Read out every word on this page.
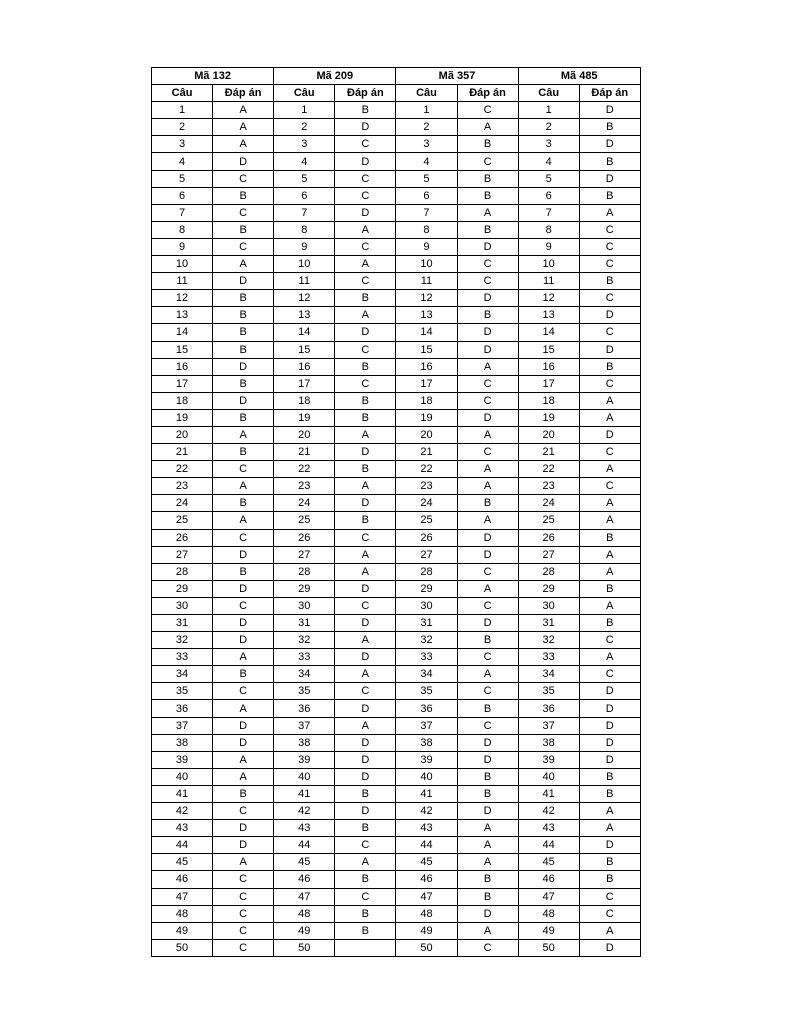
Mã 132		Mã 209		Mã 357		Mã 485	
Câu	Đáp án	Câu	Đáp án	Câu	Đáp án	Câu	Đáp án
1	A	1	B	1	C	1	D
2	A	2	D	2	A	2	B
3	A	3	C	3	B	3	D
4	D	4	D	4	C	4	B
5	C	5	C	5	B	5	D
6	B	6	C	6	B	6	B
7	C	7	D	7	A	7	A
8	B	8	A	8	B	8	C
9	C	9	C	9	D	9	C
10	A	10	A	10	C	10	C
11	D	11	C	11	C	11	B
12	B	12	B	12	D	12	C
13	B	13	A	13	B	13	D
14	B	14	D	14	D	14	C
15	B	15	C	15	D	15	D
16	D	16	B	16	A	16	B
17	B	17	C	17	C	17	C
18	D	18	B	18	C	18	A
19	B	19	B	19	D	19	A
20	A	20	A	20	A	20	D
21	B	21	D	21	C	21	C
22	C	22	B	22	A	22	A
23	A	23	A	23	A	23	C
24	B	24	D	24	B	24	A
25	A	25	B	25	A	25	A
26	C	26	C	26	D	26	B
27	D	27	A	27	D	27	A
28	B	28	A	28	C	28	A
29	D	29	D	29	A	29	B
30	C	30	C	30	C	30	A
31	D	31	D	31	D	31	B
32	D	32	A	32	B	32	C
33	A	33	D	33	C	33	A
34	B	34	A	34	A	34	C
35	C	35	C	35	C	35	D
36	A	36	D	36	B	36	D
37	D	37	A	37	C	37	D
38	D	38	D	38	D	38	D
39	A	39	D	39	D	39	D
40	A	40	D	40	B	40	B
41	B	41	B	41	B	41	B
42	C	42	D	42	D	42	A
43	D	43	B	43	A	43	A
44	D	44	C	44	A	44	D
45	A	45	A	45	A	45	B
46	C	46	B	46	B	46	B
47	C	47	C	47	B	47	C
48	C	48	B	48	D	48	C
49	C	49	B	49	A	49	A
50	C	50		50	C	50	D
